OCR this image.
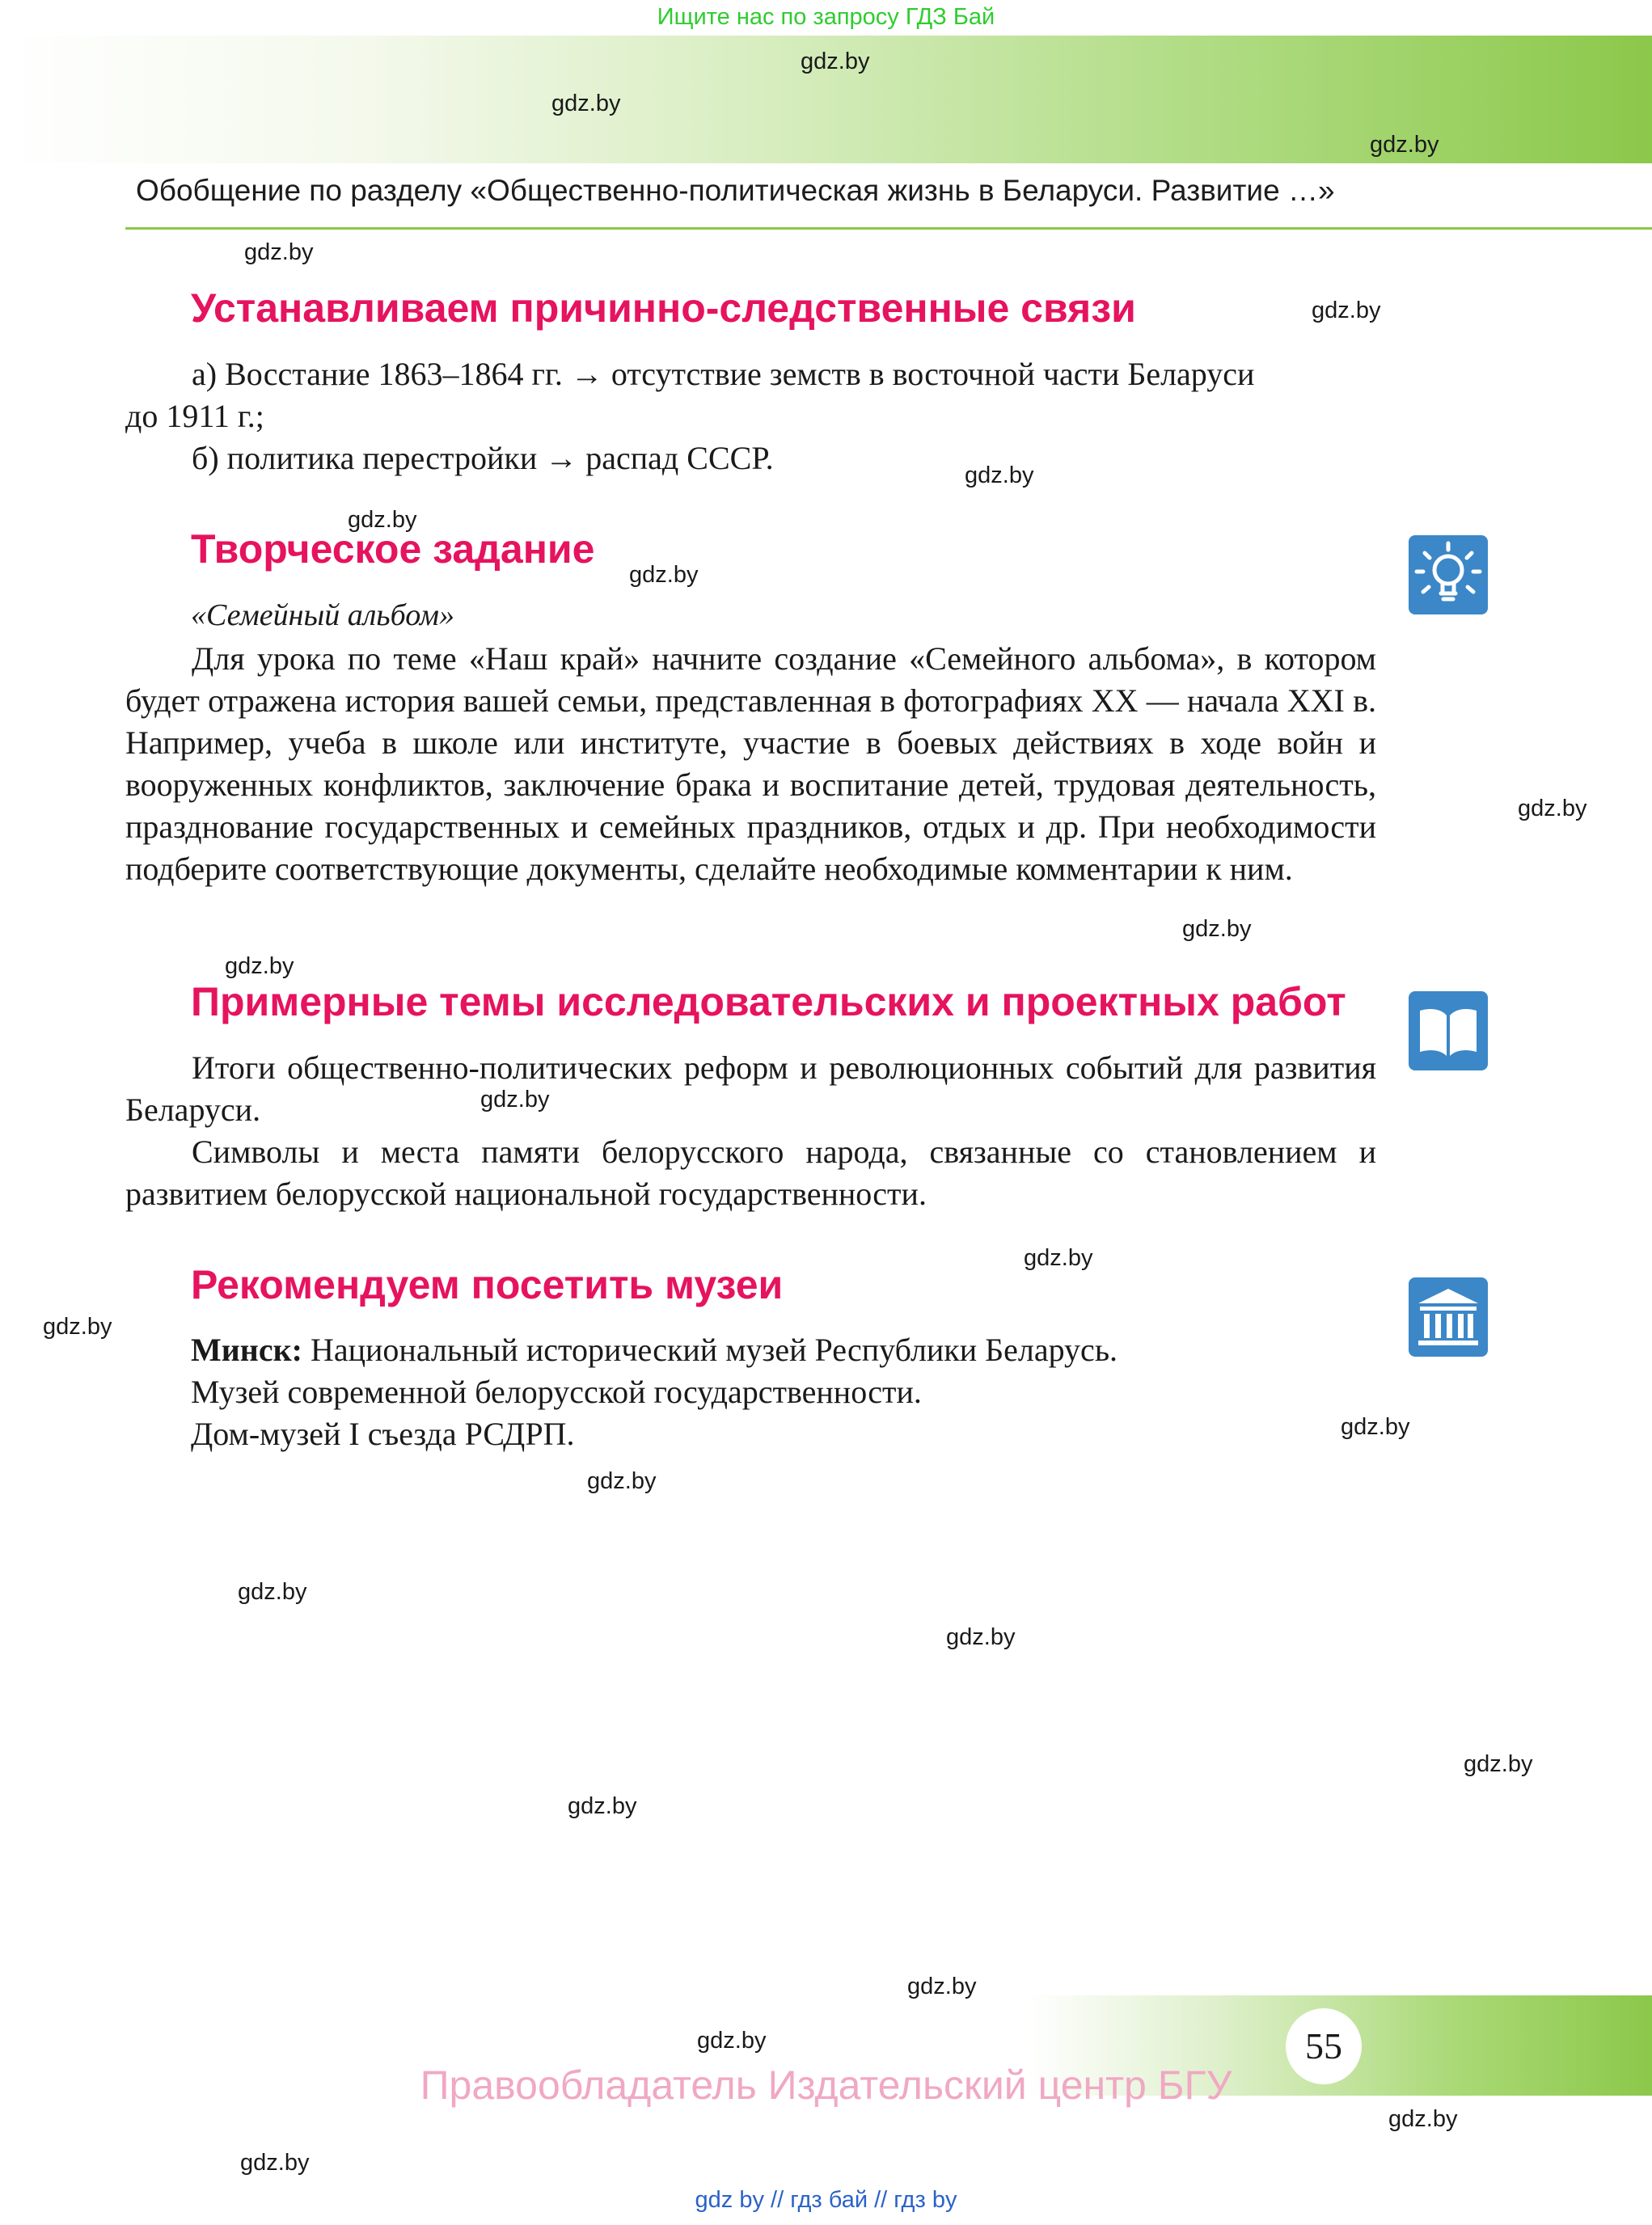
Ищите нас по запросу ГДЗ Бай
Обобщение по разделу «Общественно-политическая жизнь в Беларуси. Развитие …»
Устанавливаем причинно-следственные связи

а) Восстание 1863–1864 гг. → отсутствие земств в восточной части Беларуси

до 1911 г.;

б) политика перестройки → распад СССР.

Творческое задание
«Семейный альбом»

Для урока по теме «Наш край» начните создание «Семейного альбома», в котором будет отражена история вашей семьи, представленная в фотографиях XX — начала XXI в. Например, учеба в школе или институте, участие в боевых действиях в ходе войн и вооруженных конфликтов, заключение брака и воспитание детей, трудовая деятельность, празднование государственных и семейных праздников, отдых и др. При необходимости подберите соответствующие документы, сделайте необходимые комментарии к ним.

Примерные темы исследовательских и проектных работ

Итоги общественно-политических реформ и революционных событий для развития Беларуси.

Символы и места памяти белорусского народа, связанные со становлением и развитием белорусской национальной государственности.

Рекомендуем посетить музеи

Минск: Национальный исторический музей Республики Беларусь.

Музей современной белорусской государственности.

Дом-музей I съезда РСДРП.

gdz.by
gdz.by
gdz.by
gdz.by
gdz.by
gdz.by
gdz.by
gdz.by
gdz.by
gdz.by
gdz.by
gdz.by
gdz.by
gdz.by
gdz.by
gdz.by
gdz.by
gdz.by
gdz.by
gdz.by
gdz.by
gdz.by
gdz.by
gdz.by
55
Правообладатель Издательский центр БГУ
gdz by // гдз бай // гдз by
